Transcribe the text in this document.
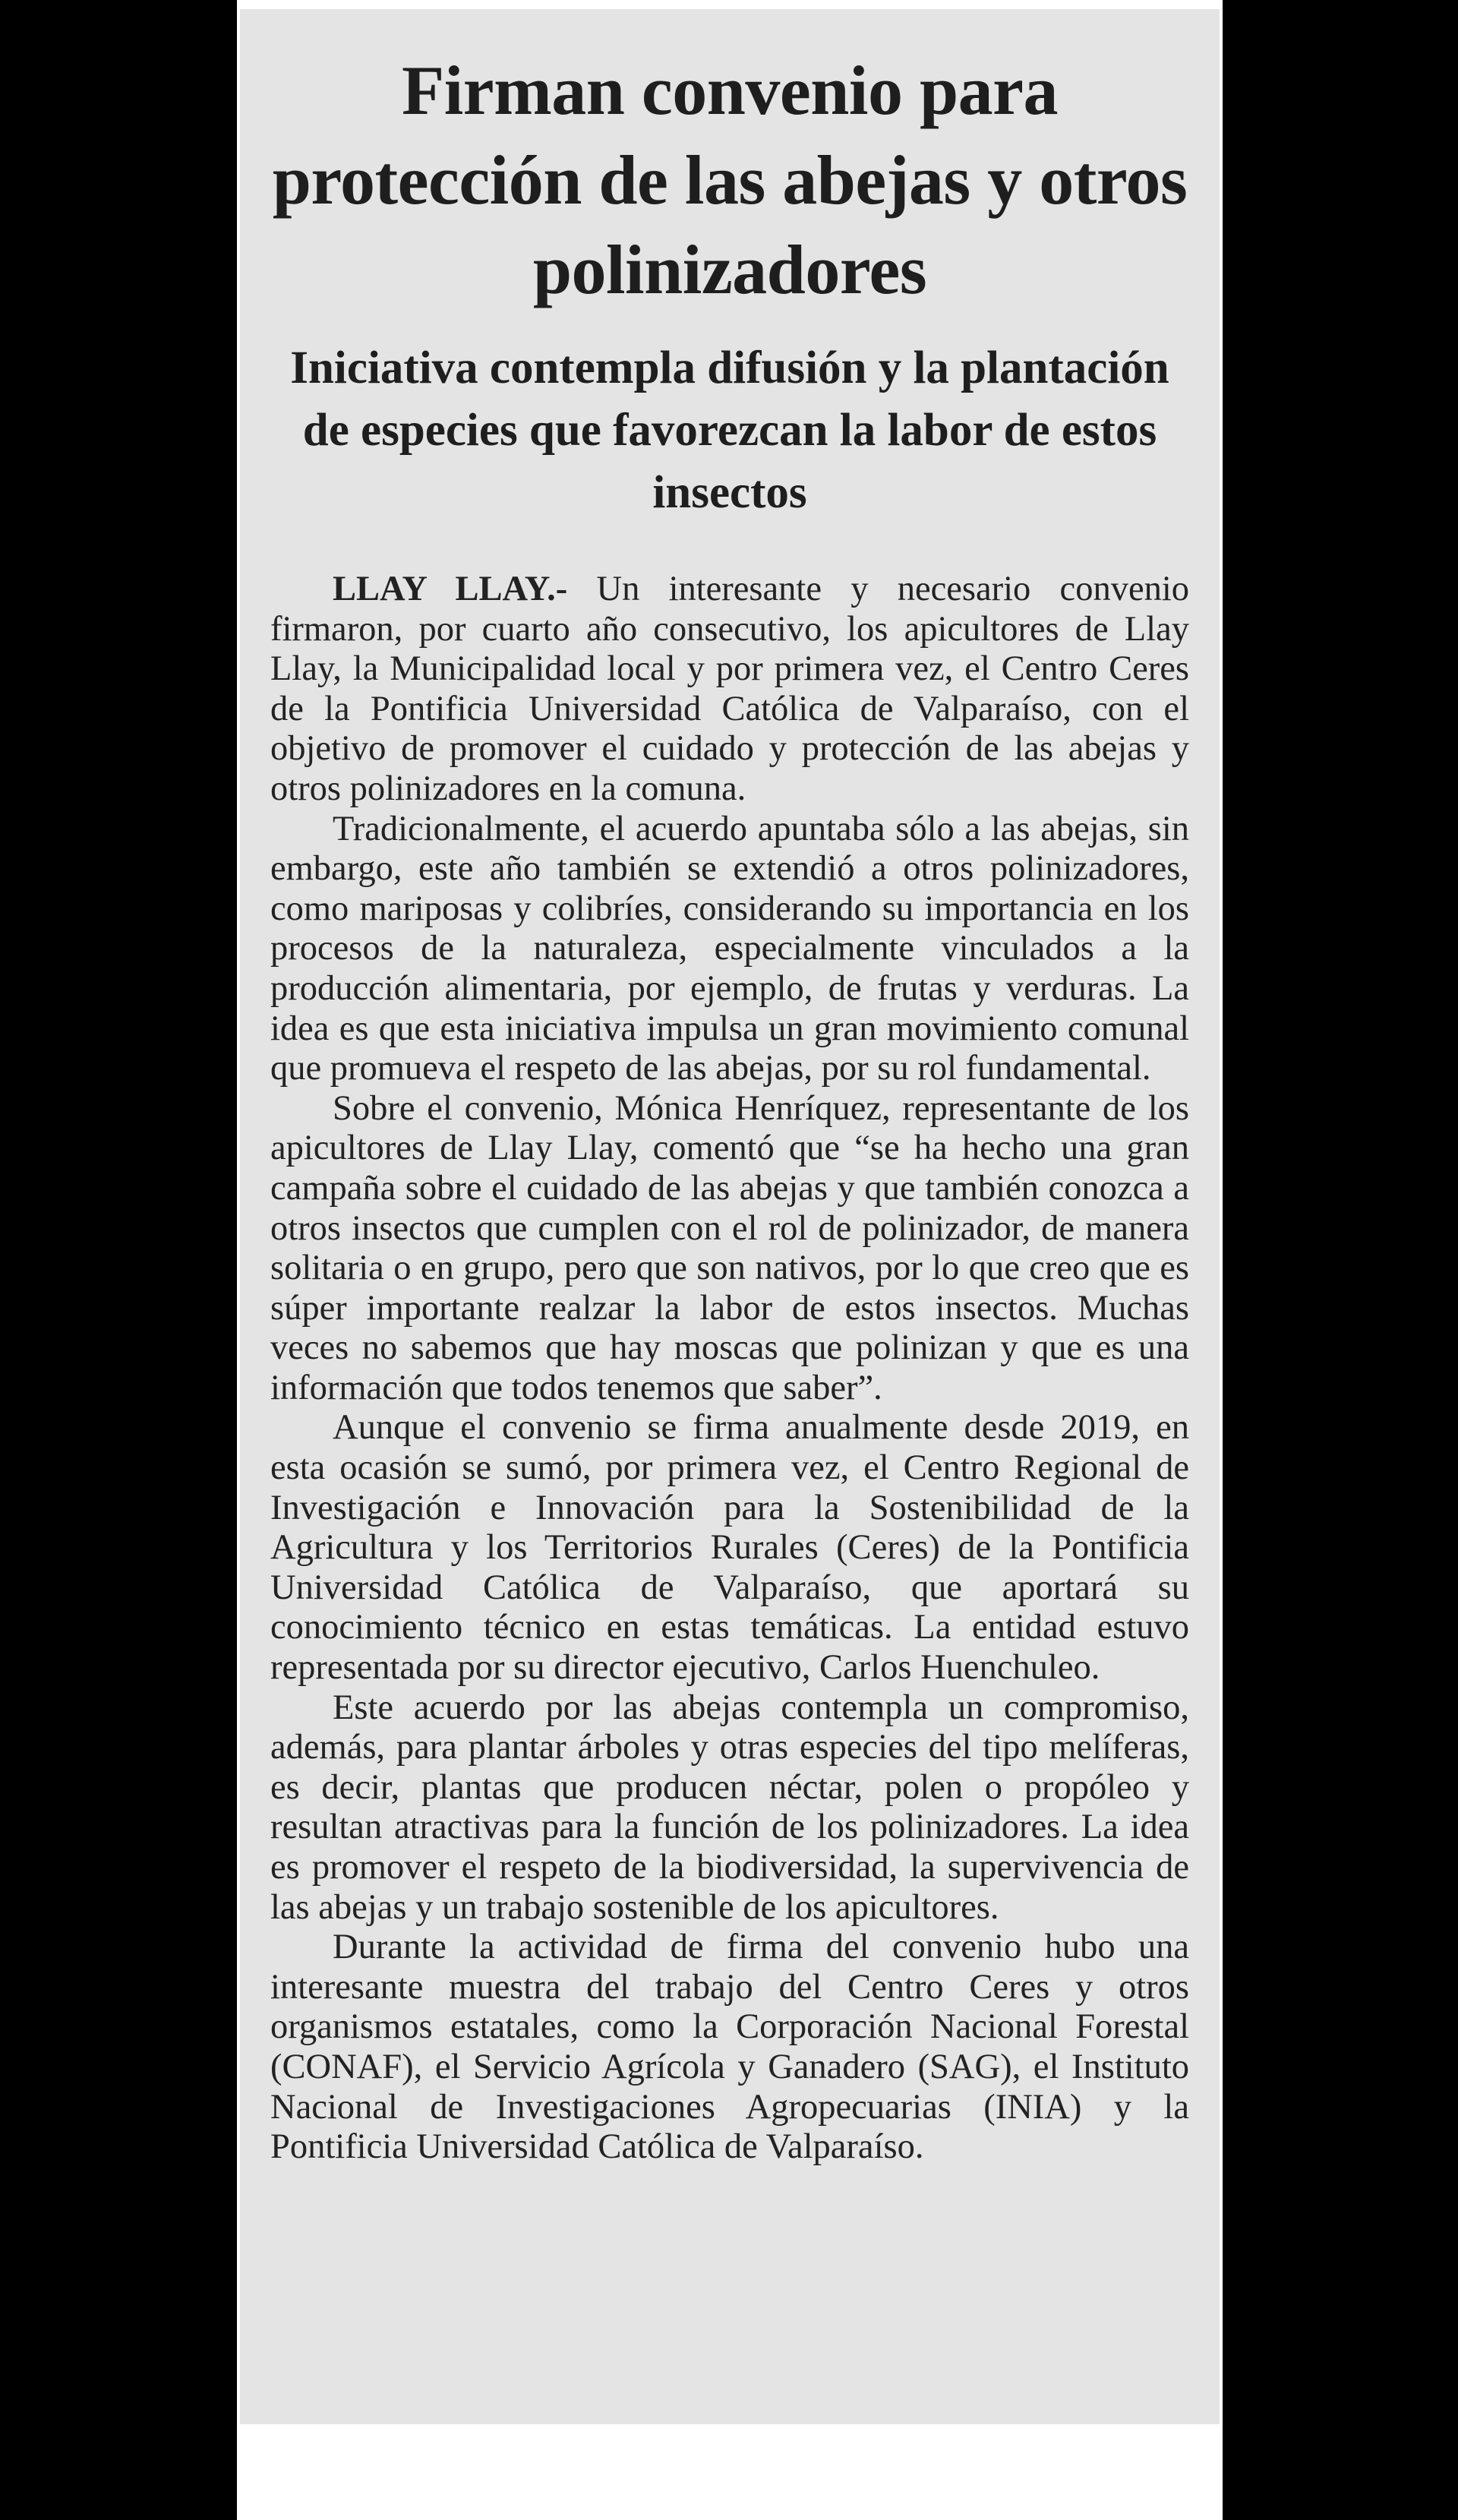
Firman convenio para protección de las abejas y otros polinizadores
Iniciativa contempla difusión y la plantación de especies que favorezcan la labor de estos insectos

LLAY LLAY.- Un interesante y necesario convenio firmaron, por cuarto año consecutivo, los apicultores de Llay Llay, la Municipalidad local y por primera vez, el Centro Ceres de la Pontificia Universidad Católica de Valparaíso, con el objetivo de promover el cuidado y protección de las abejas y otros polinizadores en la comuna.

Tradicionalmente, el acuerdo apuntaba sólo a las abejas, sin embargo, este año también se extendió a otros polinizadores, como mariposas y colibríes, considerando su importancia en los procesos de la naturaleza, especialmente vinculados a la producción alimentaria, por ejemplo, de frutas y verduras. La idea es que esta iniciativa impulsa un gran movimiento comunal que promueva el respeto de las abejas, por su rol fundamental.

Sobre el convenio, Mónica Henríquez, representante de los apicultores de Llay Llay, comentó que “se ha hecho una gran campaña sobre el cuidado de las abejas y que también conozca a otros insectos que cumplen con el rol de polinizador, de manera solitaria o en grupo, pero que son nativos, por lo que creo que es súper importante realzar la labor de estos insectos. Muchas veces no sabemos que hay moscas que polinizan y que es una información que todos tenemos que saber”.

Aunque el convenio se firma anualmente desde 2019, en esta ocasión se sumó, por primera vez, el Centro Regional de Investigación e Innovación para la Sostenibilidad de la Agricultura y los Territorios Rurales (Ceres) de la Pontificia Universidad Católica de Valparaíso, que aportará su conocimiento técnico en estas temáticas. La entidad estuvo representada por su director ejecutivo, Carlos Huenchuleo.

Este acuerdo por las abejas contempla un compromiso, además, para plantar árboles y otras especies del tipo melíferas, es decir, plantas que producen néctar, polen o propóleo y resultan atractivas para la función de los polinizadores. La idea es promover el respeto de la biodiversidad, la supervivencia de las abejas y un trabajo sostenible de los apicultores.

Durante la actividad de firma del convenio hubo una interesante muestra del trabajo del Centro Ceres y otros organismos estatales, como la Corporación Nacional Forestal (CONAF), el Servicio Agrícola y Ganadero (SAG), el Instituto Nacional de Investigaciones Agropecuarias (INIA) y la Pontificia Universidad Católica de Valparaíso.
